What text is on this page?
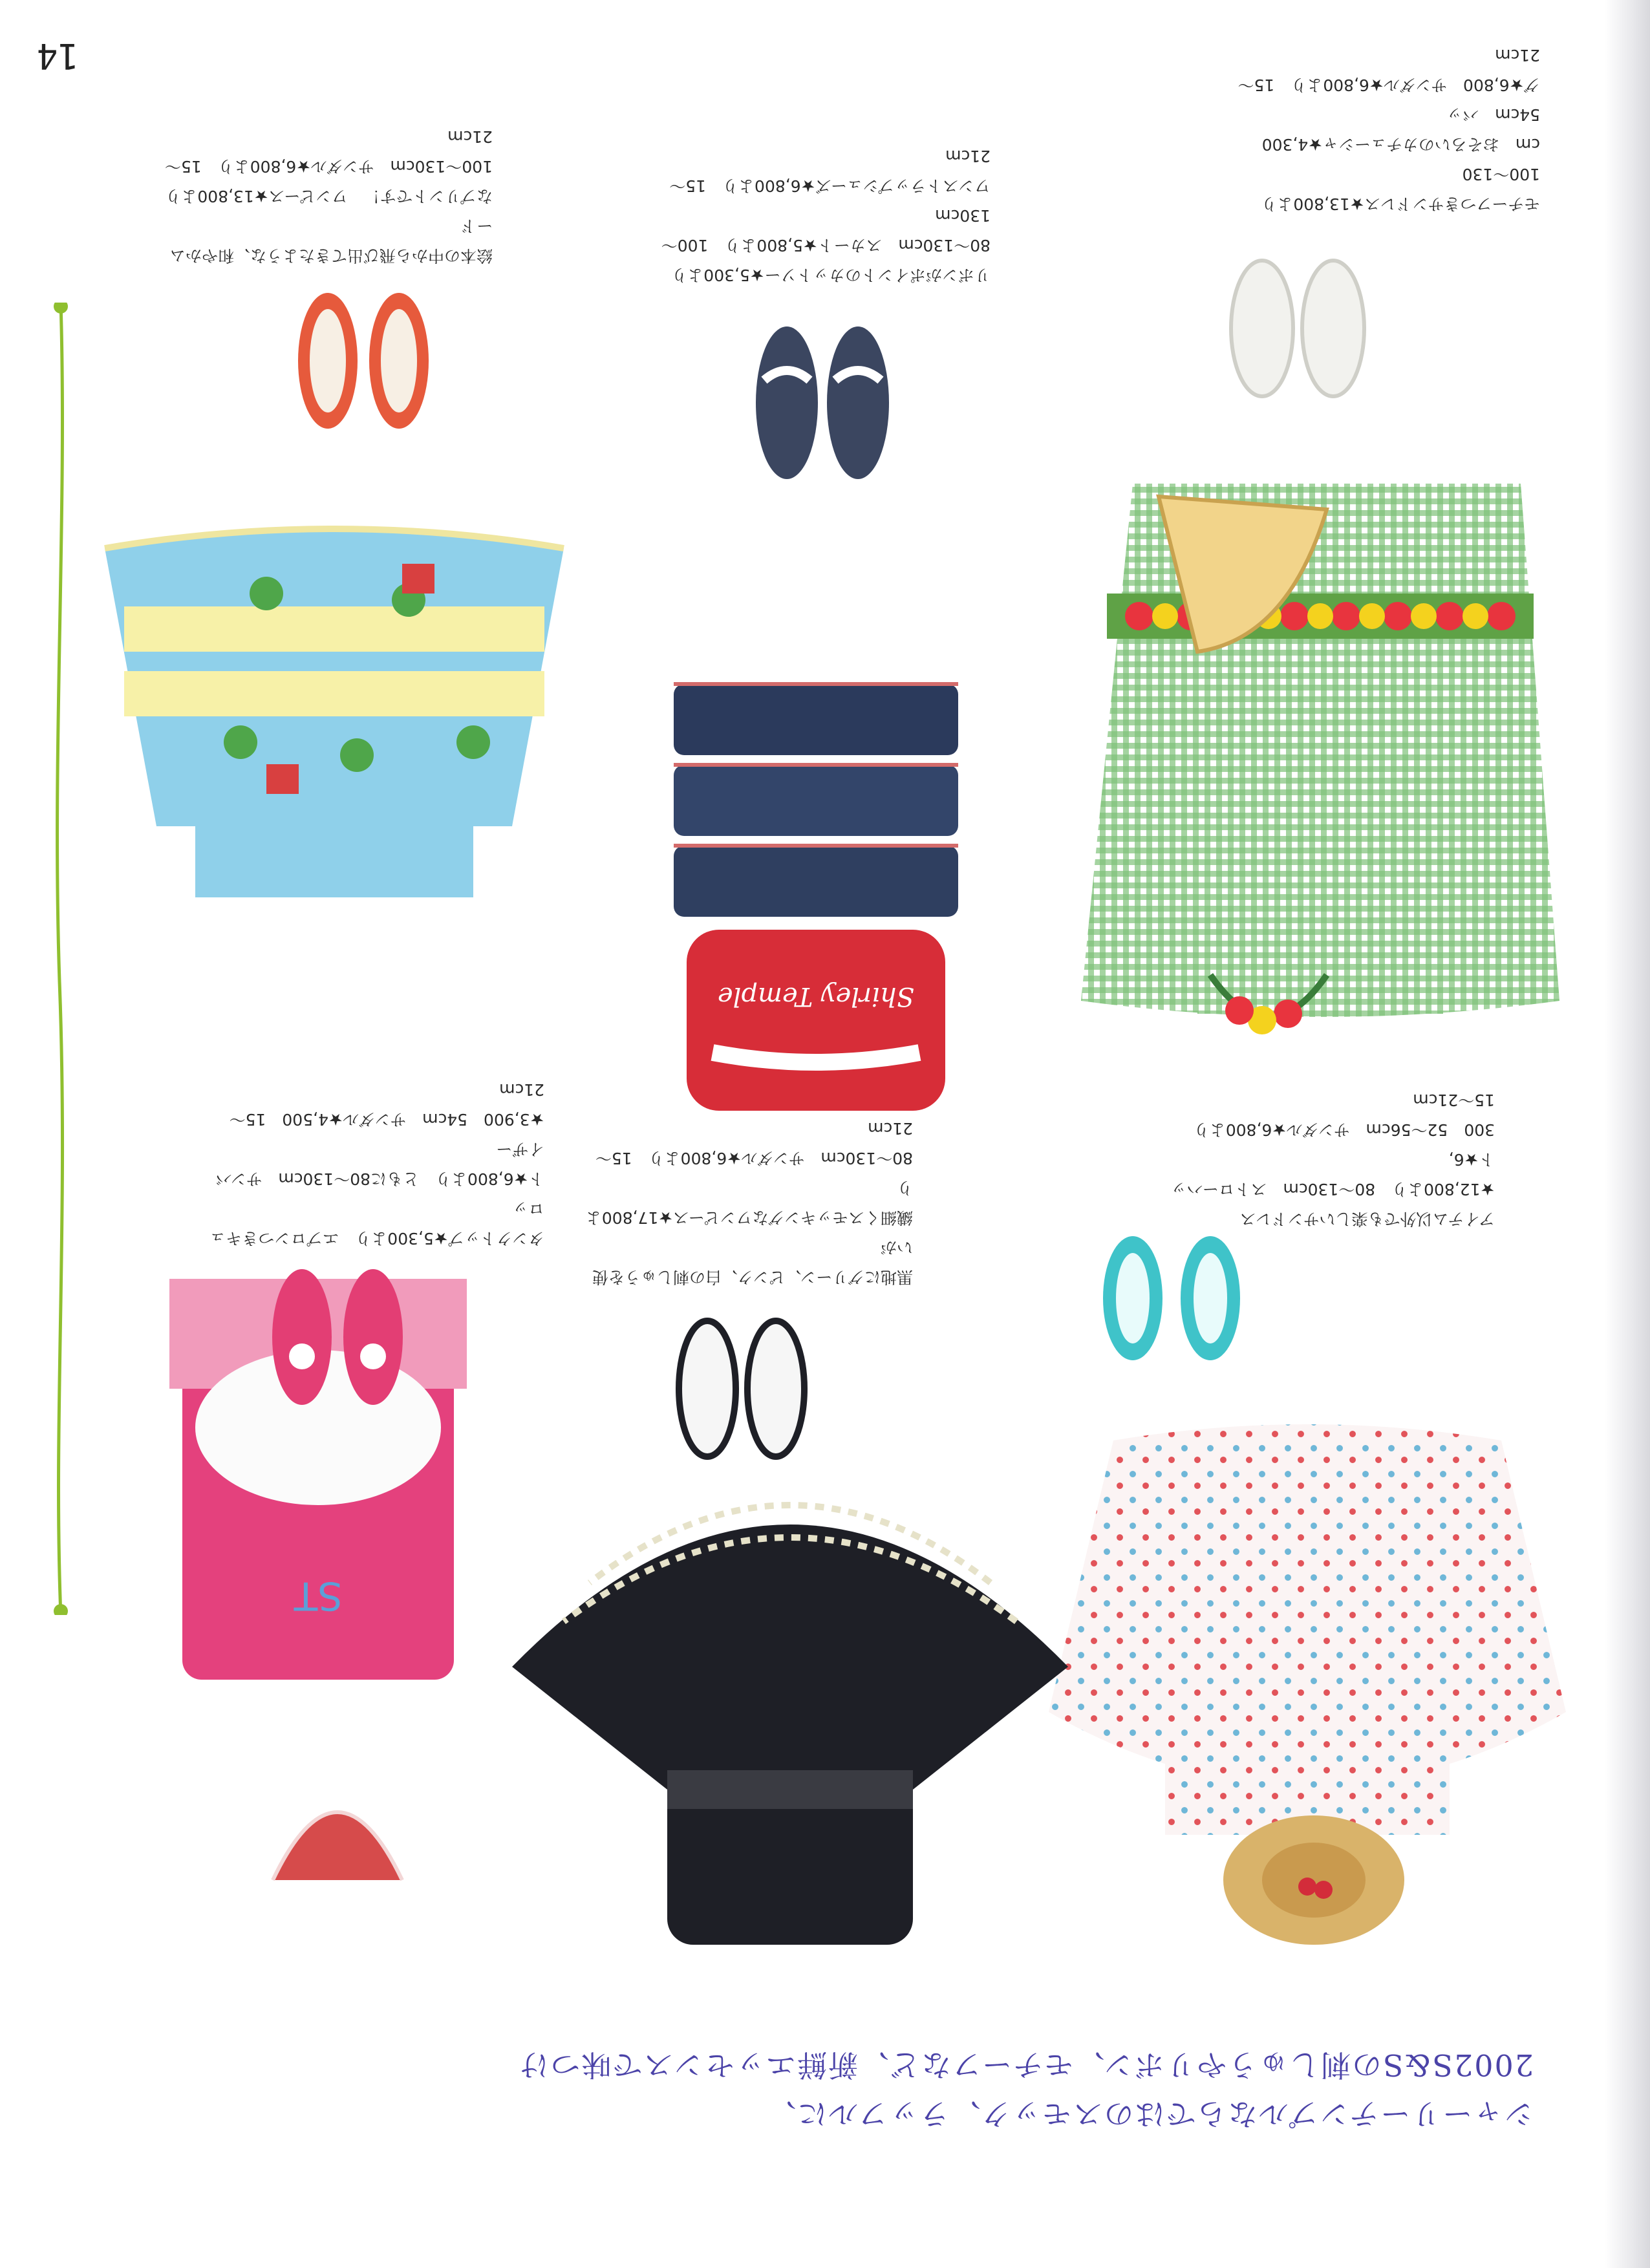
14
シャーリーテンプルならではのスモック、ラッフルに、
2002S&Sの刺しゅうやリボン、モチーフなど、新鮮エッセンスで味つけ
モチーフつきサンドレス★13,800より　100〜130
cm　おそろいのカチューシャ★4,300　54cm　バッ
グ★6,800　サンダル★6,800より　15〜21cm
リボンがポイントのカットソー★5,300より
80〜130cm　スカート★5,800より　100〜130cm
ワンストラップシューズ★6,800より　15〜21cm
絵本の中から飛び出てきたような、和やかムード
なプリントです！　ワンピース★13,800より
100〜130cm　サンダル★6,800より　15〜21cm
アイテム以外でも楽しいサンドレス
★12,800より　80〜130cm　ストローハット★6,
300　52〜56cm　サンダル★6,800より　15〜21cm
黒地にグリーン、ピンク、白の刺しゅうを使いが
繊細くスモッキングなワンピース★17,800より
80〜130cm　サンダル★6,800より　15〜21cm
タンクトップ★5,300より　エプロンつきキュロッ
ト★6,800より　ともに80〜130cm　サンバイザー
★3,900　54cm　サンダル★4,500　15〜21cm
Shirley Temple
ST
